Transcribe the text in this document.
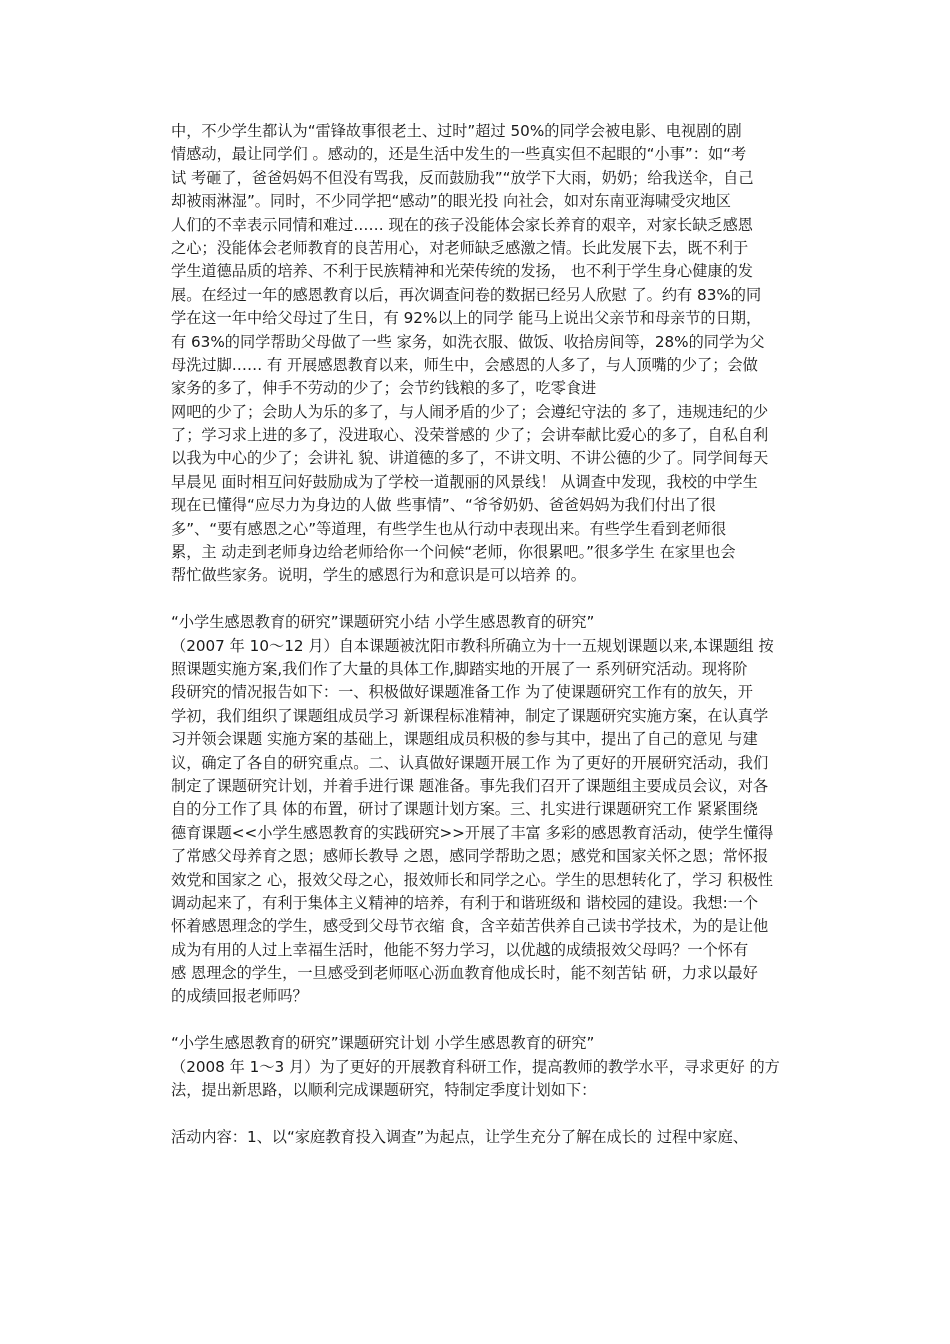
中，不少学生都认为“雷锋故事很老土、过时”超过 50%的同学会被电影、电视剧的剧
情感动，最让同学们 。感动的，还是生活中发生的一些真实但不起眼的“小事”：如“考
试 考砸了，爸爸妈妈不但没有骂我，反而鼓励我”“放学下大雨，奶奶；给我送伞，自己
却被雨淋湿”。同时，不少同学把“感动”的眼光投 向社会，如对东南亚海啸受灾地区
人们的不幸表示同情和难过…… 现在的孩子没能体会家长养育的艰辛，对家长缺乏感恩
之心；没能体会老师教育的良苦用心，对老师缺乏感激之情。长此发展下去，既不利于
学生道德品质的培养、不利于民族精神和光荣传统的发扬， 也不利于学生身心健康的发
展。在经过一年的感恩教育以后，再次调查问卷的数据已经另人欣慰 了。约有 83%的同
学在这一年中给父母过了生日，有 92%以上的同学 能马上说出父亲节和母亲节的日期，
有 63%的同学帮助父母做了一些 家务，如洗衣服、做饭、收拾房间等，28%的同学为父
母洗过脚…… 有 开展感恩教育以来，师生中，会感恩的人多了，与人顶嘴的少了；会做
家务的多了，伸手不劳动的少了；会节约钱粮的多了，吃零食进
网吧的少了；会助人为乐的多了，与人闹矛盾的少了；会遵纪守法的 多了，违规违纪的少
了；学习求上进的多了，没进取心、没荣誉感的 少了；会讲奉献比爱心的多了，自私自利
以我为中心的少了；会讲礼 貌、讲道德的多了，不讲文明、不讲公德的少了。同学间每天
早晨见 面时相互问好鼓励成为了学校一道靓丽的风景线！ 从调查中发现，我校的中学生
现在已懂得“应尽力为身边的人做 些事情”、“爷爷奶奶、爸爸妈妈为我们付出了很
多”、“要有感恩之心”等道理，有些学生也从行动中表现出来。有些学生看到老师很
累，主 动走到老师身边给老师给你一个问候“老师，你很累吧。”很多学生 在家里也会
帮忙做些家务。说明，学生的感恩行为和意识是可以培养 的。
“小学生感恩教育的研究”课题研究小结 小学生感恩教育的研究”
（2007 年 10～12 月）自本课题被沈阳市教科所确立为十一五规划课题以来,本课题组 按
照课题实施方案,我们作了大量的具体工作,脚踏实地的开展了一 系列研究活动。现将阶
段研究的情况报告如下：一、积极做好课题准备工作 为了使课题研究工作有的放矢，开
学初，我们组织了课题组成员学习 新课程标准精神，制定了课题研究实施方案，在认真学
习并领会课题 实施方案的基础上，课题组成员积极的参与其中，提出了自己的意见 与建
议，确定了各自的研究重点。二、认真做好课题开展工作 为了更好的开展研究活动，我们
制定了课题研究计划，并着手进行课 题准备。事先我们召开了课题组主要成员会议，对各
自的分工作了具 体的布置，研讨了课题计划方案。三、扎实进行课题研究工作 紧紧围绕
德育课题<<小学生感恩教育的实践研究>>开展了丰富 多彩的感恩教育活动，使学生懂得
了常感父母养育之恩；感师长教导 之恩，感同学帮助之恩；感党和国家关怀之恩；常怀报
效党和国家之 心，报效父母之心，报效师长和同学之心。学生的思想转化了，学习 积极性
调动起来了，有利于集体主义精神的培养，有利于和谐班级和 谐校园的建设。我想:一个
怀着感恩理念的学生，感受到父母节衣缩 食，含辛茹苦供养自己读书学技术，为的是让他
成为有用的人过上幸福生活时，他能不努力学习，以优越的成绩报效父母吗？一个怀有
感 恩理念的学生，一旦感受到老师呕心沥血教育他成长时，能不刻苦钻 研，力求以最好
的成绩回报老师吗？
“小学生感恩教育的研究”课题研究计划 小学生感恩教育的研究”
（2008 年 1～3 月）为了更好的开展教育科研工作，提高教师的教学水平，寻求更好 的方
法，提出新思路，以顺利完成课题研究，特制定季度计划如下：
活动内容：1、以“家庭教育投入调查”为起点，让学生充分了解在成长的 过程中家庭、
